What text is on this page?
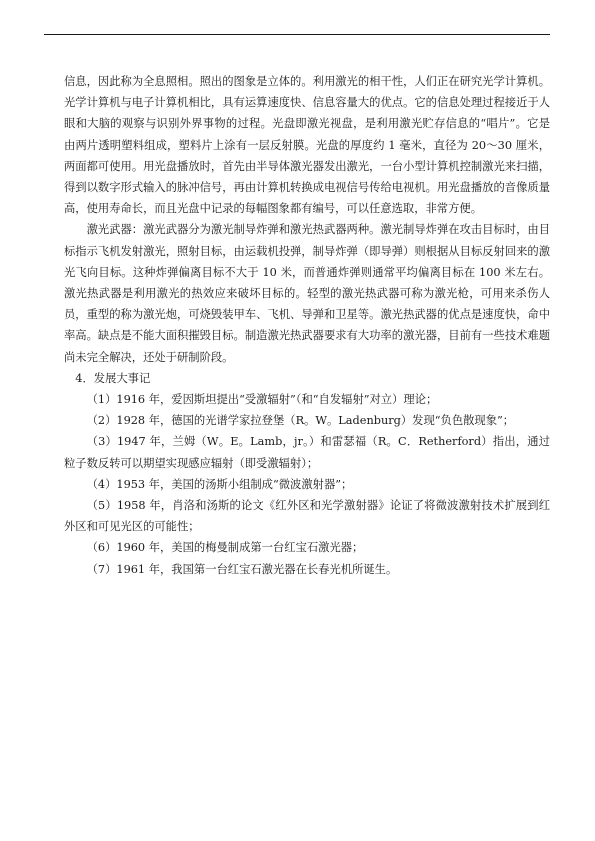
信息，因此称为全息照相。照出的图象是立体的。利用激光的相干性，人们正在研究光学计算机。光学计算机与电子计算机相比，具有运算速度快、信息容量大的优点。它的信息处理过程接近于人眼和大脑的观察与识别外界事物的过程。光盘即激光视盘，是利用激光贮存信息的“唱片”。它是由两片透明塑料组成，塑料片上涂有一层反射膜。光盘的厚度约 1 毫米，直径为 20～30 厘米，两面都可使用。用光盘播放时，首先由半导体激光器发出激光，一台小型计算机控制激光来扫描，得到以数字形式输入的脉冲信号，再由计算机转换成电视信号传给电视机。用光盘播放的音像质量高，使用寿命长，而且光盘中记录的每幅图象都有编号，可以任意选取，非常方便。

激光武器：激光武器分为激光制导炸弹和激光热武器两种。激光制导炸弹在攻击目标时，由目标指示飞机发射激光，照射目标，由运载机投弹，制导炸弹（即导弹）则根据从目标反射回来的激光飞向目标。这种炸弹偏离目标不大于 10 米，而普通炸弹则通常平均偏离目标在 100 米左右。激光热武器是利用激光的热效应来破坏目标的。轻型的激光热武器可称为激光枪，可用来杀伤人员，重型的称为激光炮，可烧毁装甲车、飞机、导弹和卫星等。激光热武器的优点是速度快，命中率高。缺点是不能大面积摧毁目标。制造激光热武器要求有大功率的激光器，目前有一些技术难题尚未完全解决，还处于研制阶段。

4．发展大事记

（1）1916 年，爱因斯坦提出“受激辐射”（和“自发辐射”对立）理论；

（2）1928 年，德国的光谱学家拉登堡（R。W。Ladenburg）发现“负色散现象”；

（3）1947 年，兰姆（W。E。Lamb，jr。）和雷瑟福（R。C．Retherford）指出，通过粒子数反转可以期望实现感应辐射（即受激辐射）；

（4）1953 年，美国的汤斯小组制成“微波激射器”；

（5）1958 年，肖洛和汤斯的论文《红外区和光学激射器》论证了将微波激射技术扩展到红外区和可见光区的可能性；

（6）1960 年，美国的梅曼制成第一台红宝石激光器；

（7）1961 年，我国第一台红宝石激光器在长春光机所诞生。
